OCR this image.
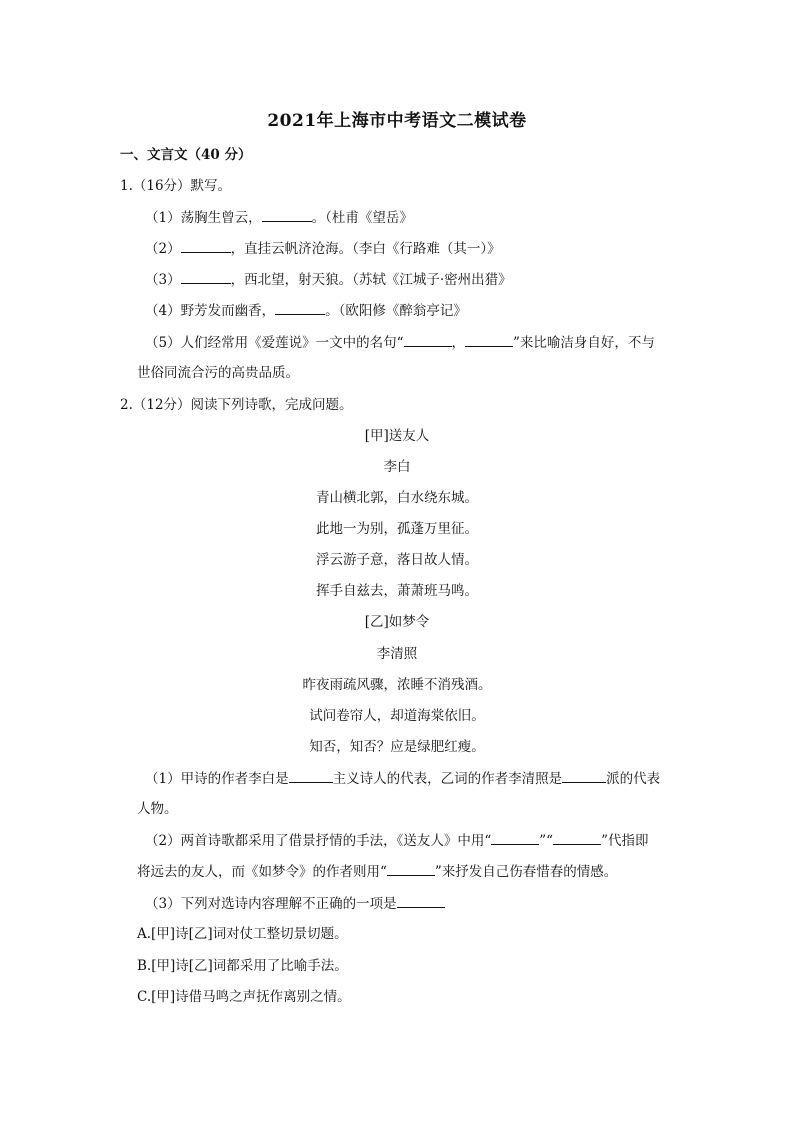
2021年上海市中考语文二模试卷
一、文言文（40 分）
1.（16分）默写。
（1）荡胸生曾云，	。（杜甫《望岳》
（2）	，直挂云帆济沧海。（李白《行路难（其一）》
（3）	，西北望，射天狼。（苏轼《江城子·密州出猎》
（4）野芳发而幽香，	。（欧阳修《醉翁亭记》
（5）人们经常用《爱莲说》一文中的名句“	，	”来比喻洁身自好，不与
世俗同流合污的高贵品质。
2.（12分）阅读下列诗歌，完成问题。
[甲]送友人
李白
青山横北郭，白水绕东城。
此地一为别，孤蓬万里征。
浮云游子意，落日故人情。
挥手自兹去，萧萧班马鸣。
[乙]如梦令
李清照
昨夜雨疏风骤，浓睡不消残酒。
试问卷帘人，却道海棠依旧。
知否，知否？应是绿肥红瘦。
（1）甲诗的作者李白是	主义诗人的代表，乙词的作者李清照是	派的代表
人物。
（2）两首诗歌都采用了借景抒情的手法，《送友人》中用“	”“	”代指即
将远去的友人，而《如梦令》的作者则用“	”来抒发自己伤春惜春的情感。
（3）下列对选诗内容理解不正确的一项是
A.[甲]诗[乙]词对仗工整切景切题。
B.[甲]诗[乙]词都采用了比喻手法。
C.[甲]诗借马鸣之声抚作离别之情。
